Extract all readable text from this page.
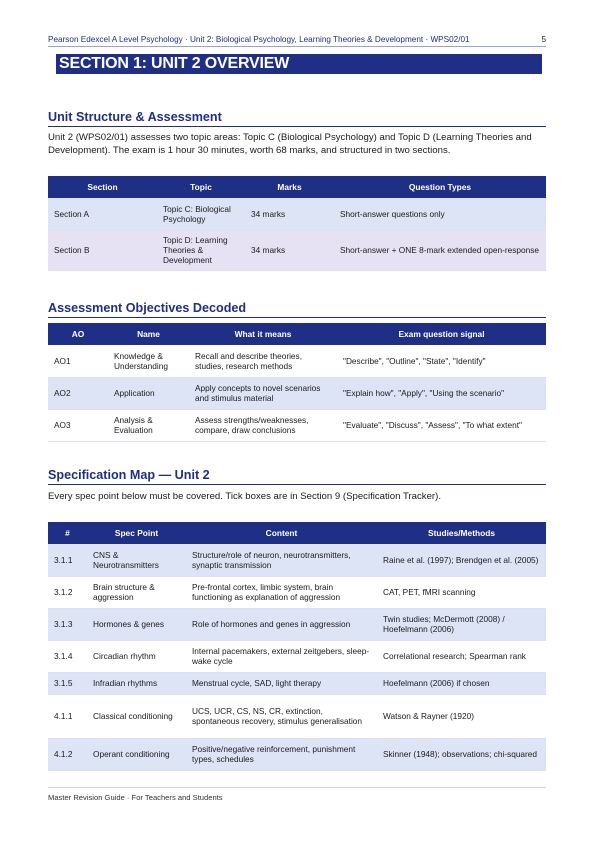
Pearson Edexcel A Level Psychology · Unit 2: Biological Psychology, Learning Theories & Development · WPS02/01	5
SECTION 1: UNIT 2 OVERVIEW
Unit Structure & Assessment

Unit 2 (WPS02/01) assesses two topic areas: Topic C (Biological Psychology) and Topic D (Learning Theories and Development). The exam is 1 hour 30 minutes, worth 68 marks, and structured in two sections.

Section	Topic	Marks	Question Types
Section A	Topic C: Biological Psychology	34 marks	Short-answer questions only
Section B	Topic D: Learning Theories & Development	34 marks	Short-answer + ONE 8-mark extended open-response
Assessment Objectives Decoded
AO	Name	What it means	Exam question signal
AO1	Knowledge & Understanding	Recall and describe theories, studies, research methods	"Describe", "Outline", "State", "Identify"
AO2	Application	Apply concepts to novel scenarios and stimulus material	"Explain how", "Apply", "Using the scenario"
AO3	Analysis & Evaluation	Assess strengths/weaknesses, compare, draw conclusions	"Evaluate", "Discuss", "Assess", "To what extent"
Specification Map — Unit 2

Every spec point below must be covered. Tick boxes are in Section 9 (Specification Tracker).

#	Spec Point	Content	Studies/Methods
3.1.1	CNS & Neurotransmitters	Structure/role of neuron, neurotransmitters, synaptic transmission	Raine et al. (1997); Brendgen et al. (2005)
3.1.2	Brain structure & aggression	Pre-frontal cortex, limbic system, brain functioning as explanation of aggression	CAT, PET, fMRI scanning
3.1.3	Hormones & genes	Role of hormones and genes in aggression	Twin studies; McDermott (2008) / Hoefelmann (2006)
3.1.4	Circadian rhythm	Internal pacemakers, external zeitgebers, sleep-wake cycle	Correlational research; Spearman rank
3.1.5	Infradian rhythms	Menstrual cycle, SAD, light therapy	Hoefelmann (2006) if chosen
4.1.1	Classical conditioning	UCS, UCR, CS, NS, CR, extinction, spontaneous recovery, stimulus generalisation	Watson & Rayner (1920)
4.1.2	Operant conditioning	Positive/negative reinforcement, punishment types, schedules	Skinner (1948); observations; chi-squared
Master Revision Guide · For Teachers and Students
